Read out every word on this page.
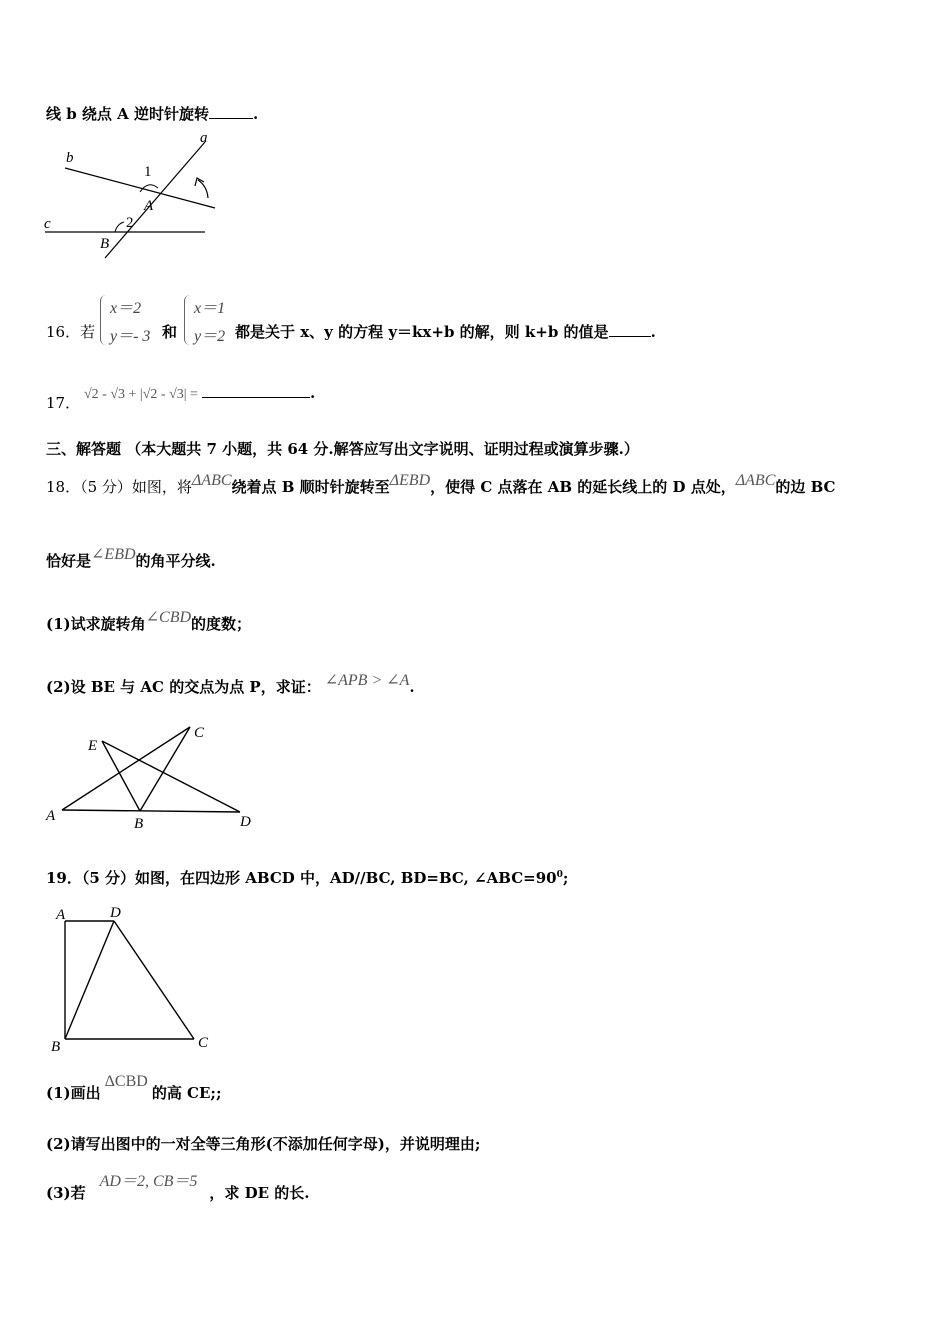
线 b 绕点 A 逆时针旋转	.
a
b
c
A
B
1
2
16．若
x＝2
y＝- 3 和
x＝1
y＝2 都是关于 x、y 的方程 y＝kx+b 的解，则 k+b 的值是	.
17． √2 - √3 + |√2 - √3| =	.
三、解答题 （本大题共 7 小题，共 64 分.解答应写出文字说明、证明过程或演算步骤.）
18．（5 分）如图，将ΔABC绕着点 B 顺时针旋转至ΔEBD，使得 C 点落在 AB 的延长线上的 D 点处，ΔABC的边 BC
恰好是∠EBD的角平分线.
(1)试求旋转角∠CBD的度数；
(2)设 BE 与 AC 的交点为点 P，求证： ∠APB > ∠A.
A	B
C
D
E
19．（5 分）如图，在四边形 ABCD 中，AD//BC, BD=BC, $\angle ABC=90^0$;
A
B	C
D
(1)画出ΔCBD的高 CE;;
(2)请写出图中的一对全等三角形(不添加任何字母)，并说明理由;
(3)若AD＝2, CB＝5，求 DE 的长.
